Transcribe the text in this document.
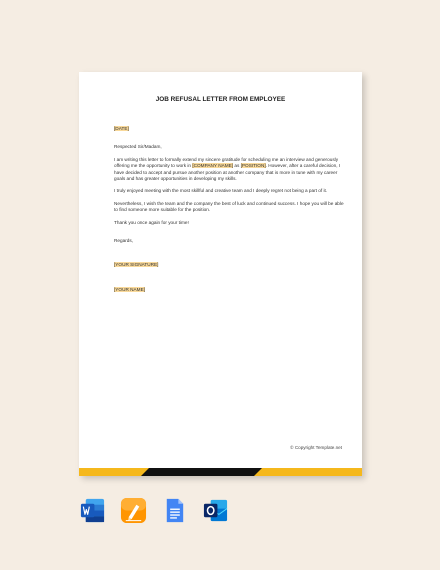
JOB REFUSAL LETTER FROM EMPLOYEE

[DATE]

Respected Sir/Madam,

I am writing this letter to formally extend my sincere gratitude for scheduling me an interview and generously offering me the opportunity to work in [COMPANY NAME] as [POSITION]. However, after a careful decision, I have decided to accept and pursue another position at another company that is more in tune with my career goals and has greater opportunities in developing my skills.

I truly enjoyed meeting with the most skillful and creative team and I deeply regret not being a part of it.

Nevertheless, I wish the team and the company the best of luck and continued success. I hope you will be able to find someone more suitable for the position.

Thank you once again for your time!

Regards,

[YOUR SIGNATURE]

[YOUR NAME]

© Copyright Template.net
